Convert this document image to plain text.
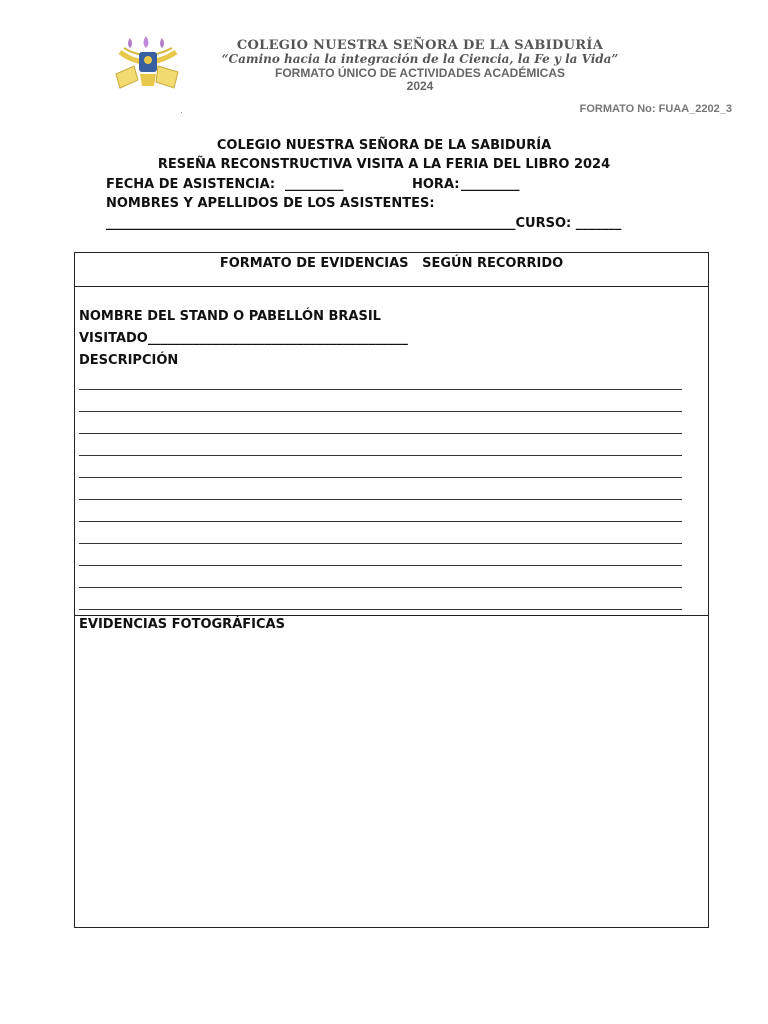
COLEGIO NUESTRA SEÑORA DE LA SABIDURÍA
“Camino hacia la integración de la Ciencia, la Fe y la Vida”
FORMATO ÚNICO DE ACTIVIDADES ACADÉMICAS
2024
.	FORMATO No: FUAA_2202_3
COLEGIO NUESTRA SEÑORA DE LA SABIDURÍA
RESEÑA RECONSTRUCTIVA VISITA A LA FERIA DEL LIBRO 2024
FECHA DE ASISTENCIA: _________	HORA: _________
NOMBRES Y APELLIDOS DE LOS ASISTENTES:
_______________________________________________________________CURSO: _______
FORMATO DE EVIDENCIAS   SEGÚN RECORRIDO
NOMBRE DEL STAND O PABELLÓN BRASIL
VISITADO________________________________________
DESCRIPCIÓN
EVIDENCIAS FOTOGRÁFICAS
